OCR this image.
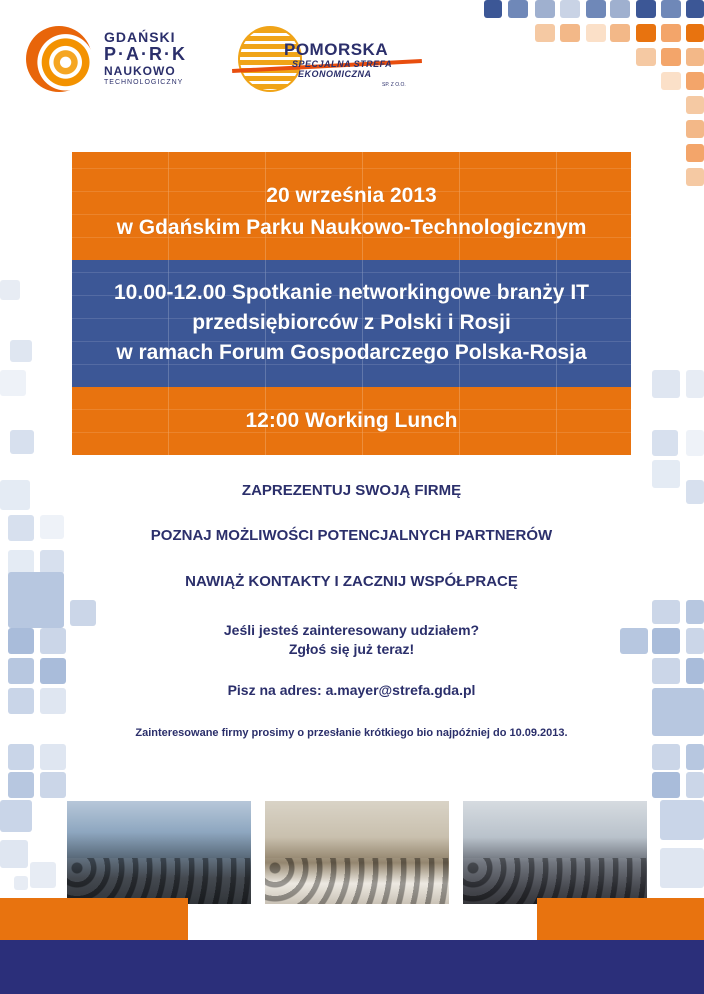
GDAŃSKI
P·A·R·K
NAUKOWO
TECHNOLOGICZNY
POMORSKA
SPECJALNA STREFA
EKONOMICZNA
SP. Z O.O.
20 września 2013
w Gdańskim Parku Naukowo-Technologicznym
10.00-12.00 Spotkanie networkingowe branży IT
przedsiębiorców z Polski i Rosji
w ramach Forum Gospodarczego Polska-Rosja
12:00 Working Lunch
ZAPREZENTUJ SWOJĄ FIRMĘ
POZNAJ MOŻLIWOŚCI POTENCJALNYCH PARTNERÓW
NAWIĄŻ KONTAKTY I ZACZNIJ WSPÓŁPRACĘ
Jeśli jesteś zainteresowany udziałem?
Zgłoś się już teraz!
Pisz na adres: a.mayer@strefa.gda.pl
Zainteresowane firmy prosimy o przesłanie krótkiego bio najpóźniej do 10.09.2013.
